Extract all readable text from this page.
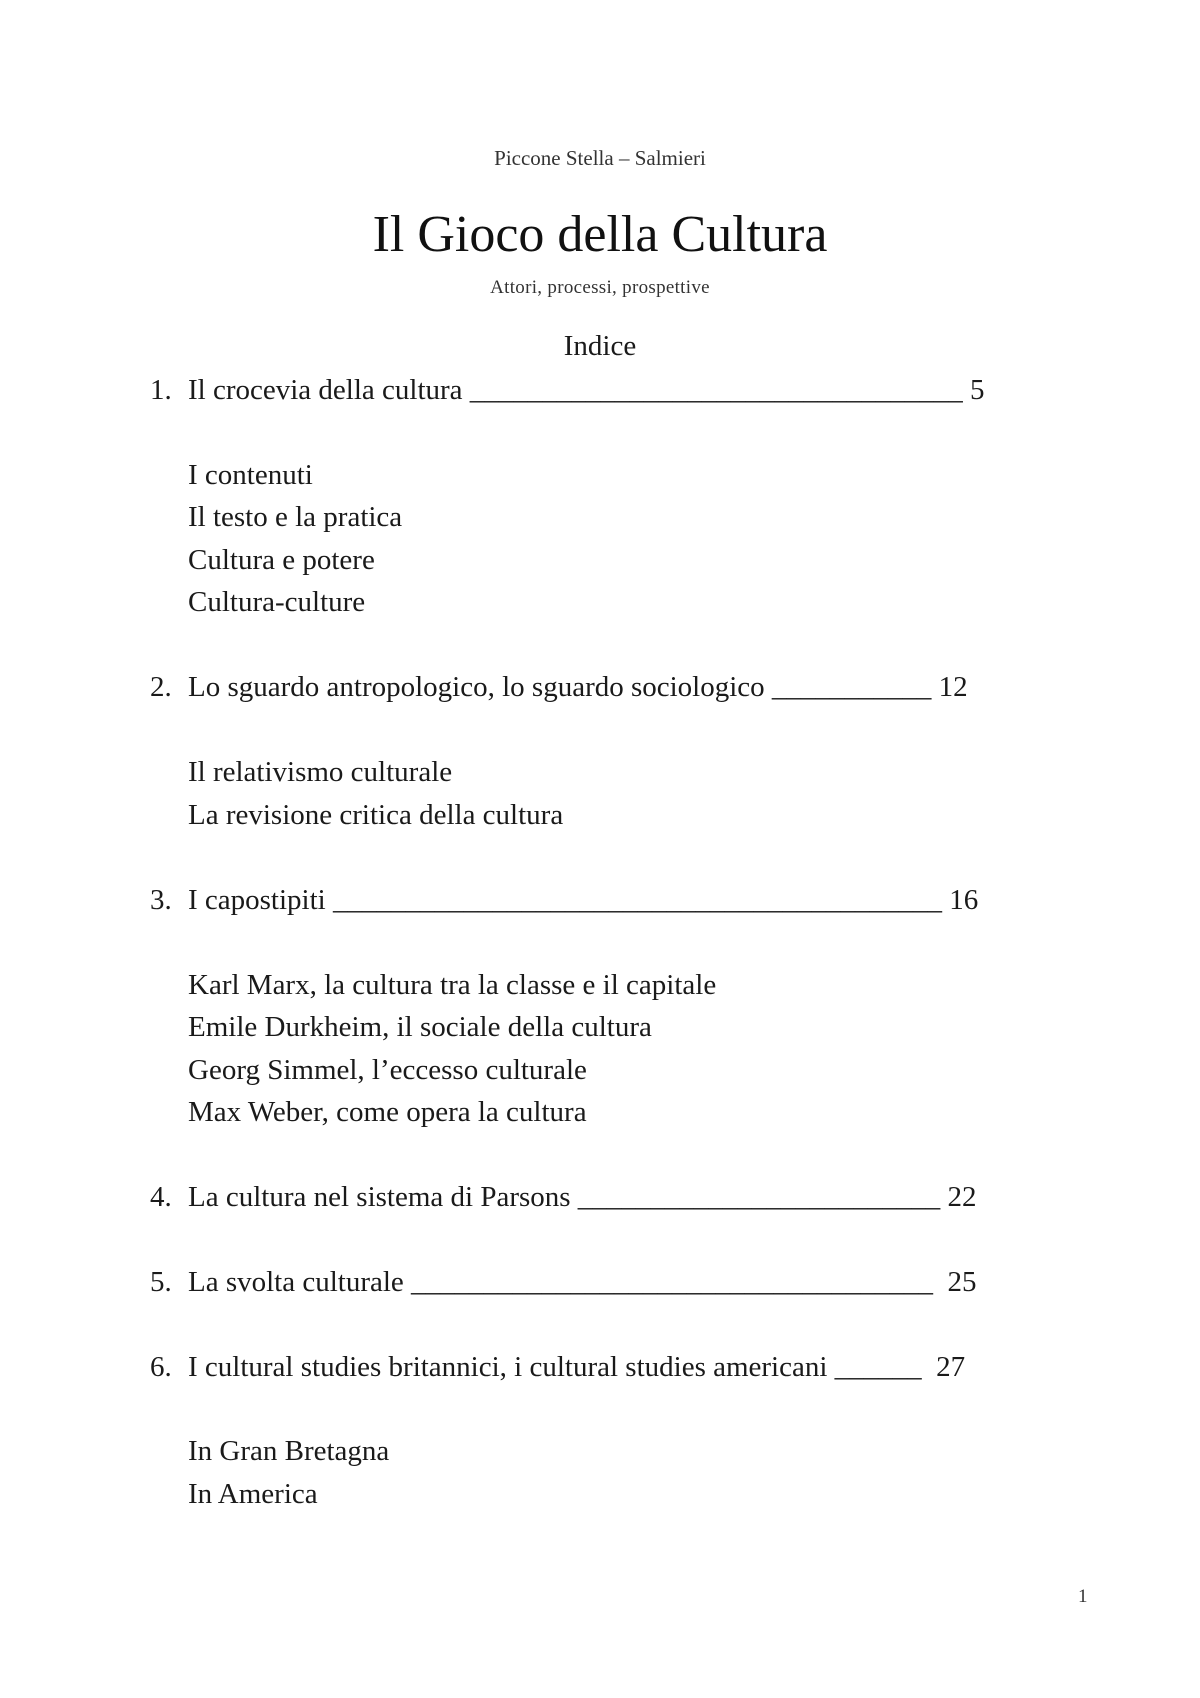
Piccone Stella – Salmieri
Il Gioco della Cultura
Attori, processi, prospettive
Indice
1. Il crocevia della cultura __________________________________ 5
I contenuti
Il testo e la pratica
Cultura e potere
Cultura-culture
2. Lo sguardo antropologico, lo sguardo sociologico ___________ 12
Il relativismo culturale
La revisione critica della cultura
3. I capostipiti __________________________________________ 16
Karl Marx, la cultura tra la classe e il capitale
Emile Durkheim, il sociale della cultura
Georg Simmel, l’eccesso culturale
Max Weber, come opera la cultura
4. La cultura nel sistema di Parsons _________________________ 22
5. La svolta culturale ____________________________________  25
6. I cultural studies britannici, i cultural studies americani ______  27
In Gran Bretagna
In America
1
